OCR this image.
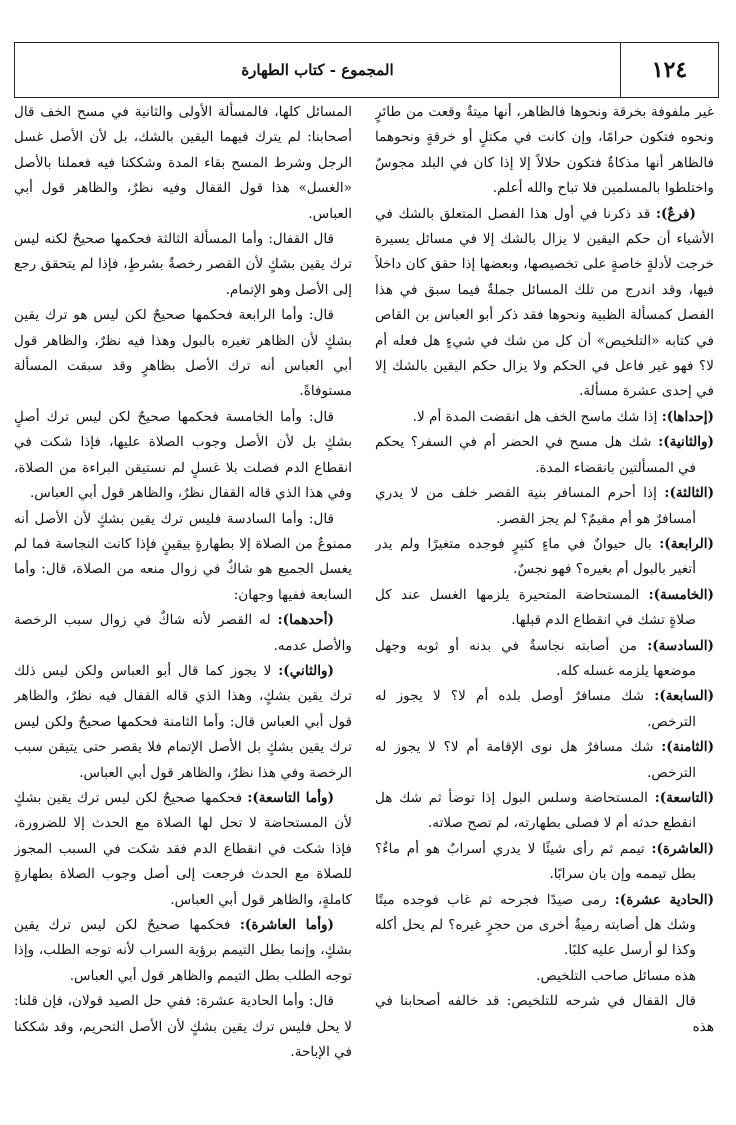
١٢٤
المجموع - كتاب الطهارة

غير ملفوفة بخرقة ونحوها فالظاهر، أنها ميتةٌ وقعت من طائرٍ ونحوه فتكون حرامًا، وإن كانت في مكتلٍ أو خرقةٍ ونحوهما فالظاهر أنها مذكاةٌ فتكون حلالاً إلا إذا كان في البلد مجوسٌ واختلطوا بالمسلمين فلا تباح والله أعلم.

(فرعٌ): قد ذكرنا في أول هذا الفصل المتعلق بالشك في الأشياء أن حكم اليقين لا يزال بالشك إلا في مسائل يسيرة خرجت لأدلةٍ خاصةٍ على تخصيصها، وبعضها إذا حقق كان داخلاً فيها، وقد اندرج من تلك المسائل جملةٌ فيما سبق في هذا الفصل كمسألة الظبية ونحوها فقد ذكر أبو العباس بن القاص في كتابه «التلخيص» أن كل من شك في شيءٍ هل فعله أم لا؟ فهو غير فاعل في الحكم ولا يزال حكم اليقين بالشك إلا في إحدى عشرة مسألة.

(إحداها): إذا شك ماسح الخف هل انقضت المدة أم لا.

(والثانية): شك هل مسح في الحضر أم في السفر؟ يحكم في المسألتين بانقضاء المدة.

(الثالثة): إذا أحرم المسافر بنية القصر خلف من لا يدري أمسافرٌ هو أم مقيمٌ؟ لم يجز القصر.

(الرابعة): بال حيوانٌ في ماءٍ كثيرٍ فوجده متغيرًا ولم يدر أتغير بالبول أم بغيره؟ فهو نجسٌ.

(الخامسة): المستحاضة المتحيرة يلزمها الغسل عند كل صلاةٍ تشك في انقطاع الدم قبلها.

(السادسة): من أصابته نجاسةٌ في بدنه أو ثوبه وجهل موضعها يلزمه غسله كله.

(السابعة): شك مسافرٌ أوصل بلده أم لا؟ لا يجوز له الترخص.

(الثامنة): شك مسافرٌ هل نوى الإقامة أم لا؟ لا يجوز له الترخص.

(التاسعة): المستحاضة وسلس البول إذا توضأ ثم شك هل انقطع حدثه أم لا فصلى بطهارته، لم تصح صلاته.

(العاشرة): تيمم ثم رأى شيئًا لا يدري أسرابٌ هو أم ماءٌ؟ بطل تيممه وإن بان سرابًا.

(الحادية عشرة): رمى صيدًا فجرحه ثم غاب فوجده ميتًا وشك هل أصابته رميةٌ أخرى من حجرٍ غيره؟ لم يحل أكله وكذا لو أرسل عليه كلبًا.

هذه مسائل صاحب التلخيص.

قال القفال في شرحه للتلخيص: قد خالفه أصحابنا في هذه

المسائل كلها، فالمسألة الأولى والثانية في مسح الخف قال أصحابنا: لم يترك فيهما اليقين بالشك، بل لأن الأصل غسل الرجل وشرط المسح بقاء المدة وشككنا فيه فعملنا بالأصل «الغسل» هذا قول القفال وفيه نظرٌ، والظاهر قول أبي العباس.

قال القفال: وأما المسألة الثالثة فحكمها صحيحٌ لكنه ليس ترك يقين بشكٍ لأن القصر رخصةٌ بشرطٍ، فإذا لم يتحقق رجع إلى الأصل وهو الإتمام.

قال: وأما الرابعة فحكمها صحيحٌ لكن ليس هو ترك يقين بشكٍ لأن الظاهر تغيره بالبول وهذا فيه نظرٌ، والظاهر قول أبي العباس أنه ترك الأصل بظاهرٍ وقد سبقت المسألة مستوفاةً.

قال: وأما الخامسة فحكمها صحيحٌ لكن ليس ترك أصلٍ بشكٍ بل لأن الأصل وجوب الصلاة عليها، فإذا شكت في انقطاع الدم فصلت بلا غسلٍ لم نستيقن البراءة من الصلاة، وفي هذا الذي قاله القفال نظرٌ، والظاهر قول أبي العباس.

قال: وأما السادسة فليس ترك يقين بشكٍ لأن الأصل أنه ممنوعٌ من الصلاة إلا بطهارةٍ بيقينٍ فإذا كانت النجاسة فما لم يغسل الجميع هو شاكٌ في زوال منعه من الصلاة، قال: وأما السابعة ففيها وجهان:

(أحدهما): له القصر لأنه شاكٌ في زوال سبب الرخصة والأصل عدمه.

(والثاني): لا يجوز كما قال أبو العباس ولكن ليس ذلك ترك يقين بشكٍ، وهذا الذي قاله القفال فيه نظرٌ، والظاهر قول أبي العباس قال: وأما الثامنة فحكمها صحيحٌ ولكن ليس ترك يقين بشكٍ بل الأصل الإتمام فلا يقصر حتى يتيقن سبب الرخصة وفي هذا نظرٌ، والظاهر قول أبي العباس.

(وأما التاسعة): فحكمها صحيحٌ لكن ليس ترك يقين بشكٍ لأن المستحاضة لا تحل لها الصلاة مع الحدث إلا للضرورة، فإذا شكت في انقطاع الدم فقد شكت في السبب المجوز للصلاة مع الحدث فرجعت إلى أصل وجوب الصلاة بطهارةٍ كاملةٍ، والظاهر قول أبي العباس.

(وأما العاشرة): فحكمها صحيحٌ لكن ليس ترك يقين بشكٍ، وإنما بطل التيمم برؤية السراب لأنه توجه الطلب، وإذا توجه الطلب بطل التيمم والظاهر قول أبي العباس.

قال: وأما الحادية عشرة: ففي حل الصيد قولان، فإن قلنا: لا يحل فليس ترك يقين بشكٍ لأن الأصل التحريم، وقد شككنا في الإباحة.
